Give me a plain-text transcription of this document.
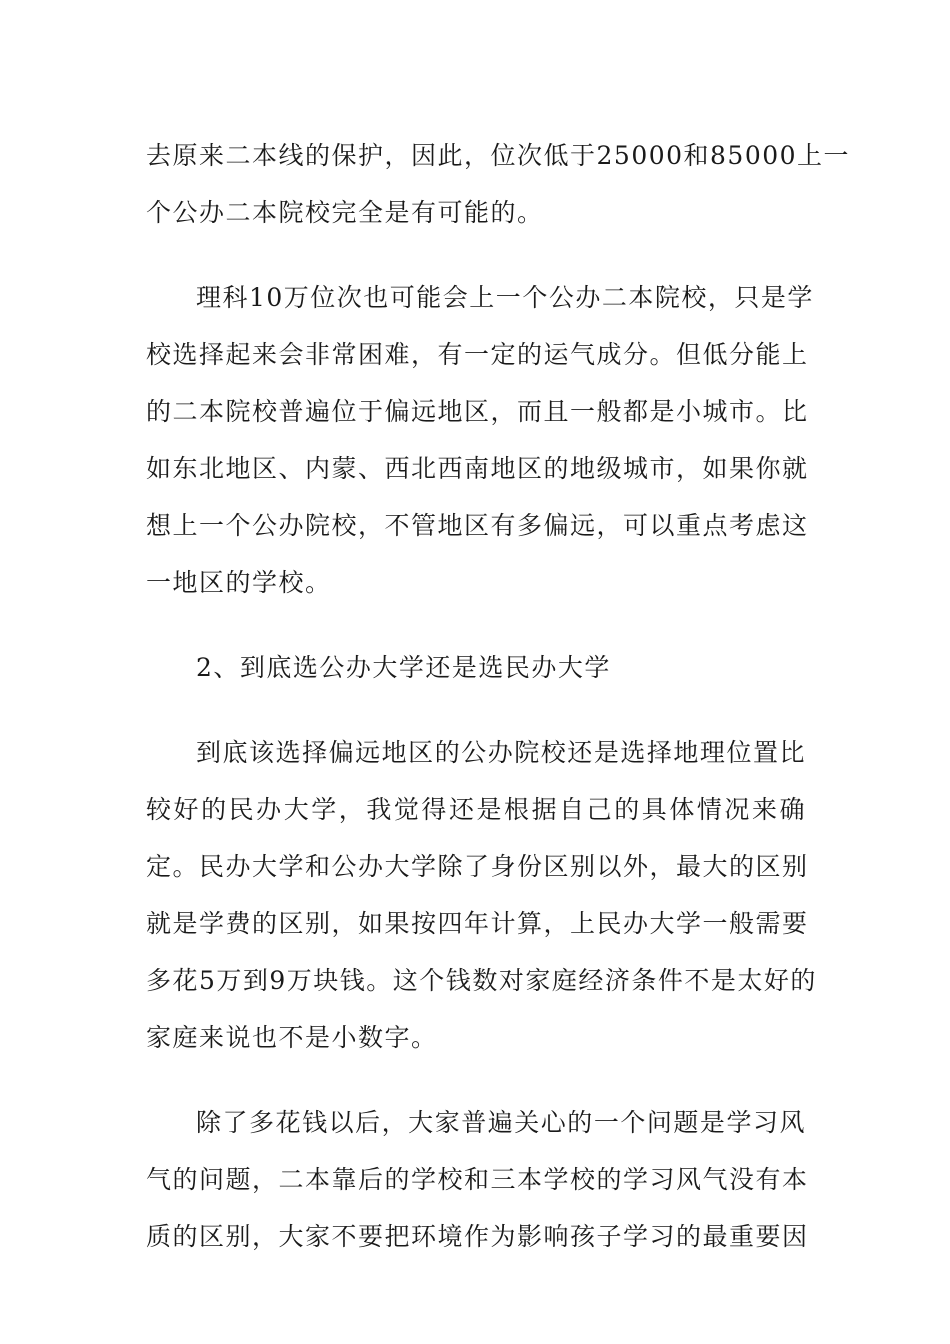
去原来二本线的保护，因此，位次低于25000和85000上一
个公办二本院校完全是有可能的。
理科10万位次也可能会上一个公办二本院校，只是学
校选择起来会非常困难，有一定的运气成分。但低分能上
的二本院校普遍位于偏远地区，而且一般都是小城市。比
如东北地区、内蒙、西北西南地区的地级城市，如果你就
想上一个公办院校，不管地区有多偏远，可以重点考虑这
一地区的学校。
2、到底选公办大学还是选民办大学
到底该选择偏远地区的公办院校还是选择地理位置比
较好的民办大学，我觉得还是根据自己的具体情况来确
定。民办大学和公办大学除了身份区别以外，最大的区别
就是学费的区别，如果按四年计算，上民办大学一般需要
多花5万到9万块钱。这个钱数对家庭经济条件不是太好的
家庭来说也不是小数字。
除了多花钱以后，大家普遍关心的一个问题是学习风
气的问题，二本靠后的学校和三本学校的学习风气没有本
质的区别，大家不要把环境作为影响孩子学习的最重要因
